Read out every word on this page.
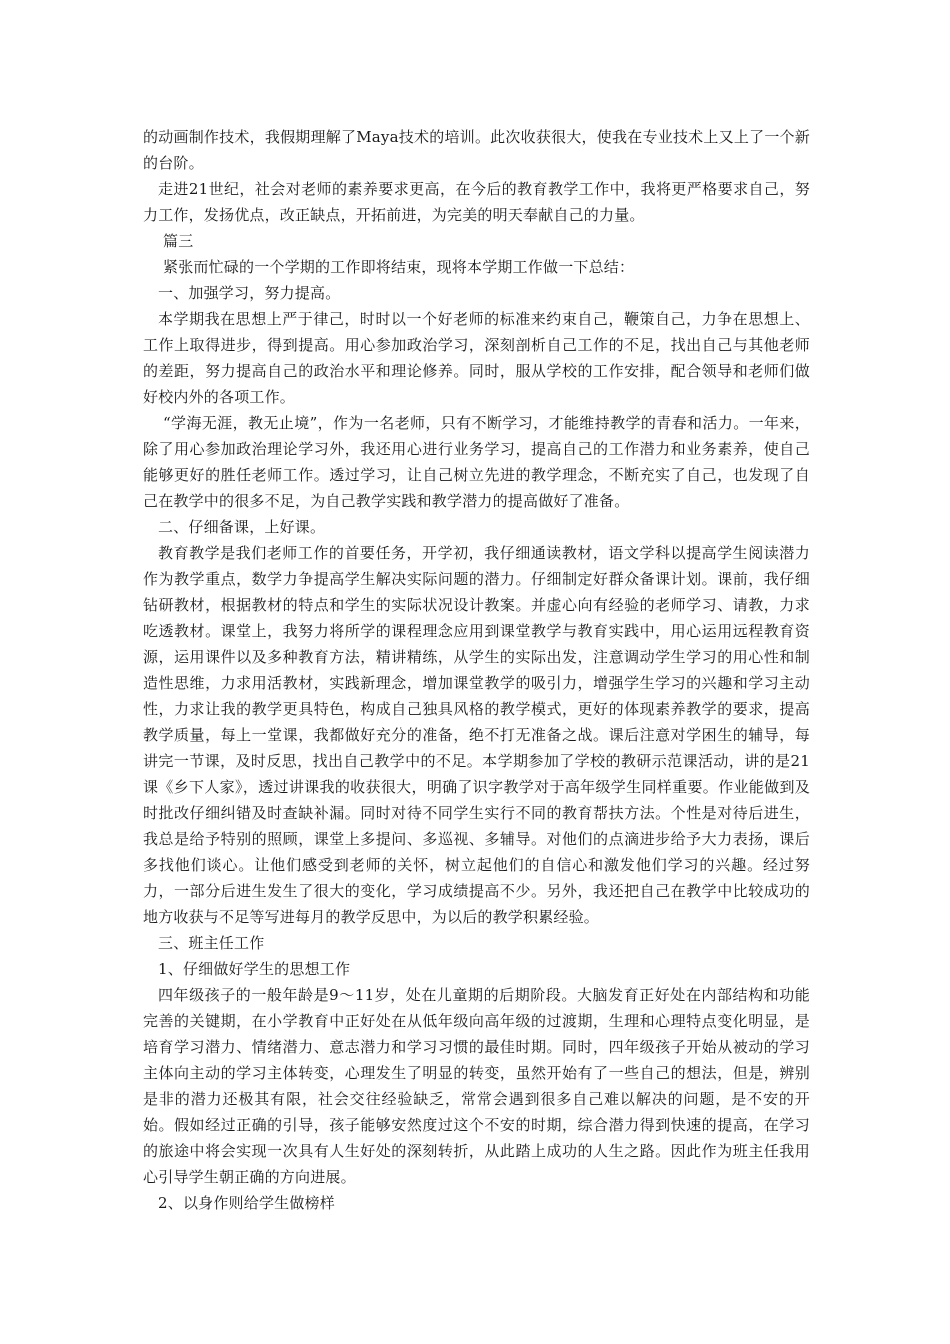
的动画制作技术，我假期理解了Maya技术的培训。此次收获很大，使我在专业技术上又上了一个新的台阶。

走进21世纪，社会对老师的素养要求更高，在今后的教育教学工作中，我将更严格要求自己，努力工作，发扬优点，改正缺点，开拓前进，为完美的明天奉献自己的力量。

篇三

紧张而忙碌的一个学期的工作即将结束，现将本学期工作做一下总结：

一、加强学习，努力提高。

本学期我在思想上严于律己，时时以一个好老师的标准来约束自己，鞭策自己，力争在思想上、工作上取得进步，得到提高。用心参加政治学习，深刻剖析自己工作的不足，找出自己与其他老师的差距，努力提高自己的政治水平和理论修养。同时，服从学校的工作安排，配合领导和老师们做好校内外的各项工作。

“学海无涯，教无止境”，作为一名老师，只有不断学习，才能维持教学的青春和活力。一年来，除了用心参加政治理论学习外，我还用心进行业务学习，提高自己的工作潜力和业务素养，使自己能够更好的胜任老师工作。透过学习，让自己树立先进的教学理念，不断充实了自己，也发现了自己在教学中的很多不足，为自己教学实践和教学潜力的提高做好了准备。

二、仔细备课，上好课。

教育教学是我们老师工作的首要任务，开学初，我仔细通读教材，语文学科以提高学生阅读潜力作为教学重点，数学力争提高学生解决实际问题的潜力。仔细制定好群众备课计划。课前，我仔细钻研教材，根据教材的特点和学生的实际状况设计教案。并虚心向有经验的老师学习、请教，力求吃透教材。课堂上，我努力将所学的课程理念应用到课堂教学与教育实践中，用心运用远程教育资源，运用课件以及多种教育方法，精讲精练，从学生的实际出发，注意调动学生学习的用心性和制造性思维，力求用活教材，实践新理念，增加课堂教学的吸引力，增强学生学习的兴趣和学习主动性，力求让我的教学更具特色，构成自己独具风格的教学模式，更好的体现素养教学的要求，提高教学质量，每上一堂课，我都做好充分的准备，绝不打无准备之战。课后注意对学困生的辅导，每讲完一节课，及时反思，找出自己教学中的不足。本学期参加了学校的教研示范课活动，讲的是21课《乡下人家》，透过讲课我的收获很大，明确了识字教学对于高年级学生同样重要。作业能做到及时批改仔细纠错及时查缺补漏。同时对待不同学生实行不同的教育帮扶方法。个性是对待后进生，我总是给予特别的照顾，课堂上多提问、多巡视、多辅导。对他们的点滴进步给予大力表扬，课后多找他们谈心。让他们感受到老师的关怀，树立起他们的自信心和激发他们学习的兴趣。经过努力，一部分后进生发生了很大的变化，学习成绩提高不少。另外，我还把自己在教学中比较成功的地方收获与不足等写进每月的教学反思中，为以后的教学积累经验。

三、班主任工作

1、仔细做好学生的思想工作

四年级孩子的一般年龄是9～11岁，处在儿童期的后期阶段。大脑发育正好处在内部结构和功能完善的关键期，在小学教育中正好处在从低年级向高年级的过渡期，生理和心理特点变化明显，是培育学习潜力、情绪潜力、意志潜力和学习习惯的最佳时期。同时，四年级孩子开始从被动的学习主体向主动的学习主体转变，心理发生了明显的转变，虽然开始有了一些自己的想法，但是，辨别是非的潜力还极其有限，社会交往经验缺乏，常常会遇到很多自己难以解决的问题，是不安的开始。假如经过正确的引导，孩子能够安然度过这个不安的时期，综合潜力得到快速的提高，在学习的旅途中将会实现一次具有人生好处的深刻转折，从此踏上成功的人生之路。因此作为班主任我用心引导学生朝正确的方向进展。

2、以身作则给学生做榜样
